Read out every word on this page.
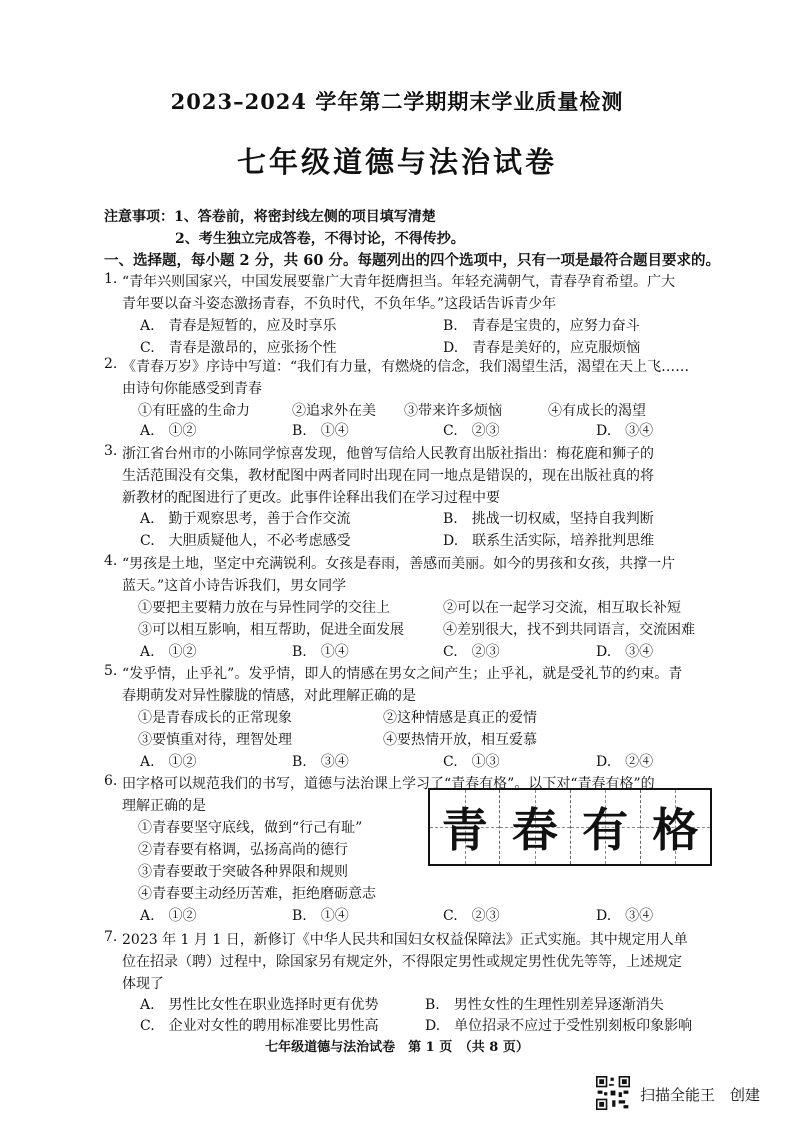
2023–2024 学年第二学期期末学业质量检测
七年级道德与法治试卷
注意事项：1、答卷前，将密封线左侧的项目填写清楚
2、考生独立完成答卷，不得讨论，不得传抄。
一、选择题，每小题 2 分，共 60 分。每题列出的四个选项中，只有一项是最符合题目要求的。
1. “青年兴则国家兴，中国发展要靠广大青年挺膺担当。年轻充满朝气，青春孕育希望。广大
青年要以奋斗姿态激扬青春，不负时代，不负年华。”这段话告诉青少年
A.　青春是短暂的，应及时享乐	B.　青春是宝贵的，应努力奋斗
C.　青春是激昂的，应张扬个性	D.　青春是美好的，应克服烦恼
2. 《青春万岁》序诗中写道：“我们有力量，有燃烧的信念，我们渴望生活，渴望在天上飞……
由诗句你能感受到青春
①有旺盛的生命力	②追求外在美 ③带来许多烦恼	④有成长的渴望
A.　①②	B.　①④	C.　②③	D.　③④
3. 浙江省台州市的小陈同学惊喜发现，他曾写信给人民教育出版社指出：梅花鹿和狮子的
生活范围没有交集，教材配图中两者同时出现在同一地点是错误的，现在出版社真的将
新教材的配图进行了更改。此事件诠释出我们在学习过程中要
A.　勤于观察思考，善于合作交流	B.　挑战一切权威，坚持自我判断
C.　大胆质疑他人，不必考虑感受	D.　联系生活实际，培养批判思维
4. “男孩是土地，坚定中充满锐利。女孩是春雨，善感而美丽。如今的男孩和女孩，共撑一片
蓝天。”这首小诗告诉我们，男女同学
①要把主要精力放在与异性同学的交往上	②可以在一起学习交流，相互取长补短
③可以相互影响，相互帮助，促进全面发展	④差别很大，找不到共同语言，交流困难
A.　①②	B.　①④	C.　②③	D.　③④
5. “发乎情，止乎礼”。发乎情，即人的情感在男女之间产生；止乎礼，就是受礼节的约束。青
春期萌发对异性朦胧的情感，对此理解正确的是
①是青春成长的正常现象	②这种情感是真正的爱情
③要慎重对待，理智处理	④要热情开放，相互爱慕
A.　①②	B.　③④	C.　①③	D.　②④
6. 田字格可以规范我们的书写，道德与法治课上学习了“青春有格”。以下对“青春有格”的
理解正确的是
①青春要坚守底线，做到“行己有耻”
②青春要有格调，弘扬高尚的德行
③青春要敢于突破各种界限和规则
④青春要主动经历苦难，拒绝磨砺意志
青 春 有 格
A.　①②	B.　①④	C.　②③	D.　③④
7. 2023 年 1 月 1 日，新修订《中华人民共和国妇女权益保障法》正式实施。其中规定用人单
位在招录（聘）过程中，除国家另有规定外，不得限定男性或规定男性优先等等，上述规定
体现了
A.　男性比女性在职业选择时更有优势	B.　男性女性的生理性别差异逐渐消失
C.　企业对女性的聘用标准要比男性高	D.　单位招录不应过于受性别刻板印象影响
七年级道德与法治试卷　第 1 页　（共 8 页）
扫描全能王　创建
